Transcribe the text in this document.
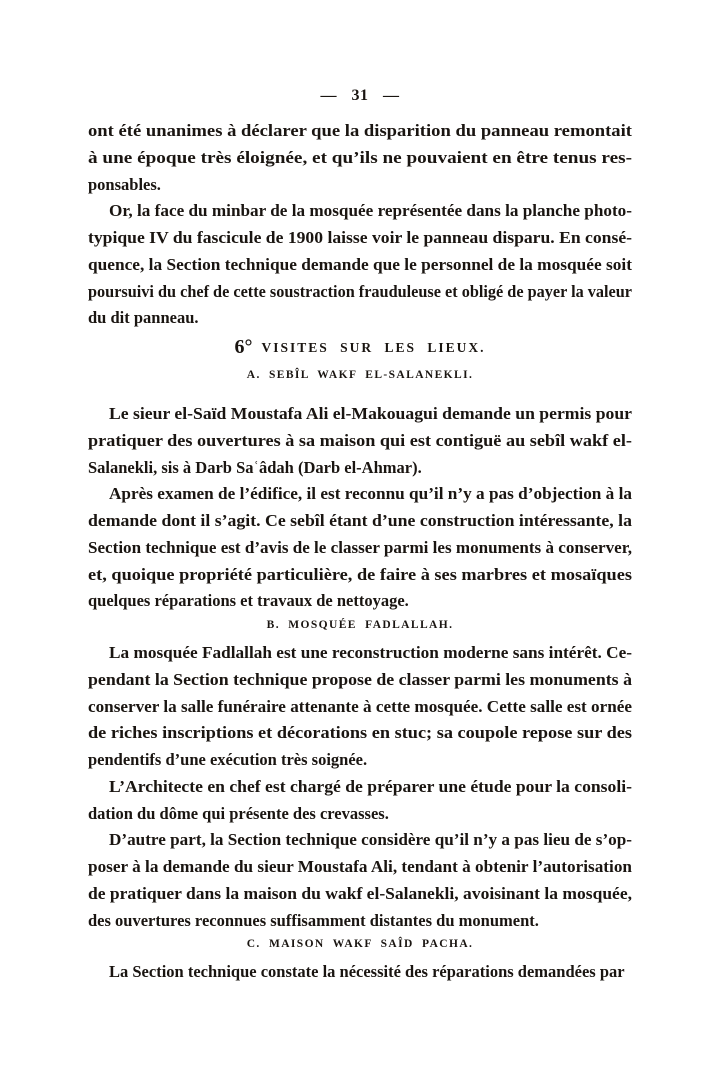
— 31 —
ont été unanimes à déclarer que la disparition du panneau remontait
à une époque très éloignée, et qu’ils ne pouvaient en être tenus res-
ponsables.
Or, la face du minbar de la mosquée représentée dans la planche photo-
typique IV du fascicule de 1900 laisse voir le panneau disparu. En consé-
quence, la Section technique demande que le personnel de la mosquée soit
poursuivi du chef de cette soustraction frauduleuse et obligé de payer la valeur
du dit panneau.
6° VISITES SUR LES LIEUX.
A. SEBÎL WAKF EL-SALANEKLI.
Le sieur el-Saïd Moustafa Ali el-Makouagui demande un permis pour
pratiquer des ouvertures à sa maison qui est contiguë au sebîl wakf el-
Salanekli, sis à Darb Saʿâdah (Darb el-Ahmar).
Après examen de l’édifice, il est reconnu qu’il n’y a pas d’objection à la
demande dont il s’agit. Ce sebîl étant d’une construction intéressante, la
Section technique est d’avis de le classer parmi les monuments à conserver,
et, quoique propriété particulière, de faire à ses marbres et mosaïques
quelques réparations et travaux de nettoyage.
B. MOSQUÉE FADLALLAH.
La mosquée Fadlallah est une reconstruction moderne sans intérêt. Ce-
pendant la Section technique propose de classer parmi les monuments à
conserver la salle funéraire attenante à cette mosquée. Cette salle est ornée
de riches inscriptions et décorations en stuc; sa coupole repose sur des
pendentifs d’une exécution très soignée.
L’Architecte en chef est chargé de préparer une étude pour la consoli-
dation du dôme qui présente des crevasses.
D’autre part, la Section technique considère qu’il n’y a pas lieu de s’op-
poser à la demande du sieur Moustafa Ali, tendant à obtenir l’autorisation
de pratiquer dans la maison du wakf el-Salanekli, avoisinant la mosquée,
des ouvertures reconnues suffisamment distantes du monument.
C. MAISON WAKF SAÎD PACHA.
La Section technique constate la nécessité des réparations demandées par
